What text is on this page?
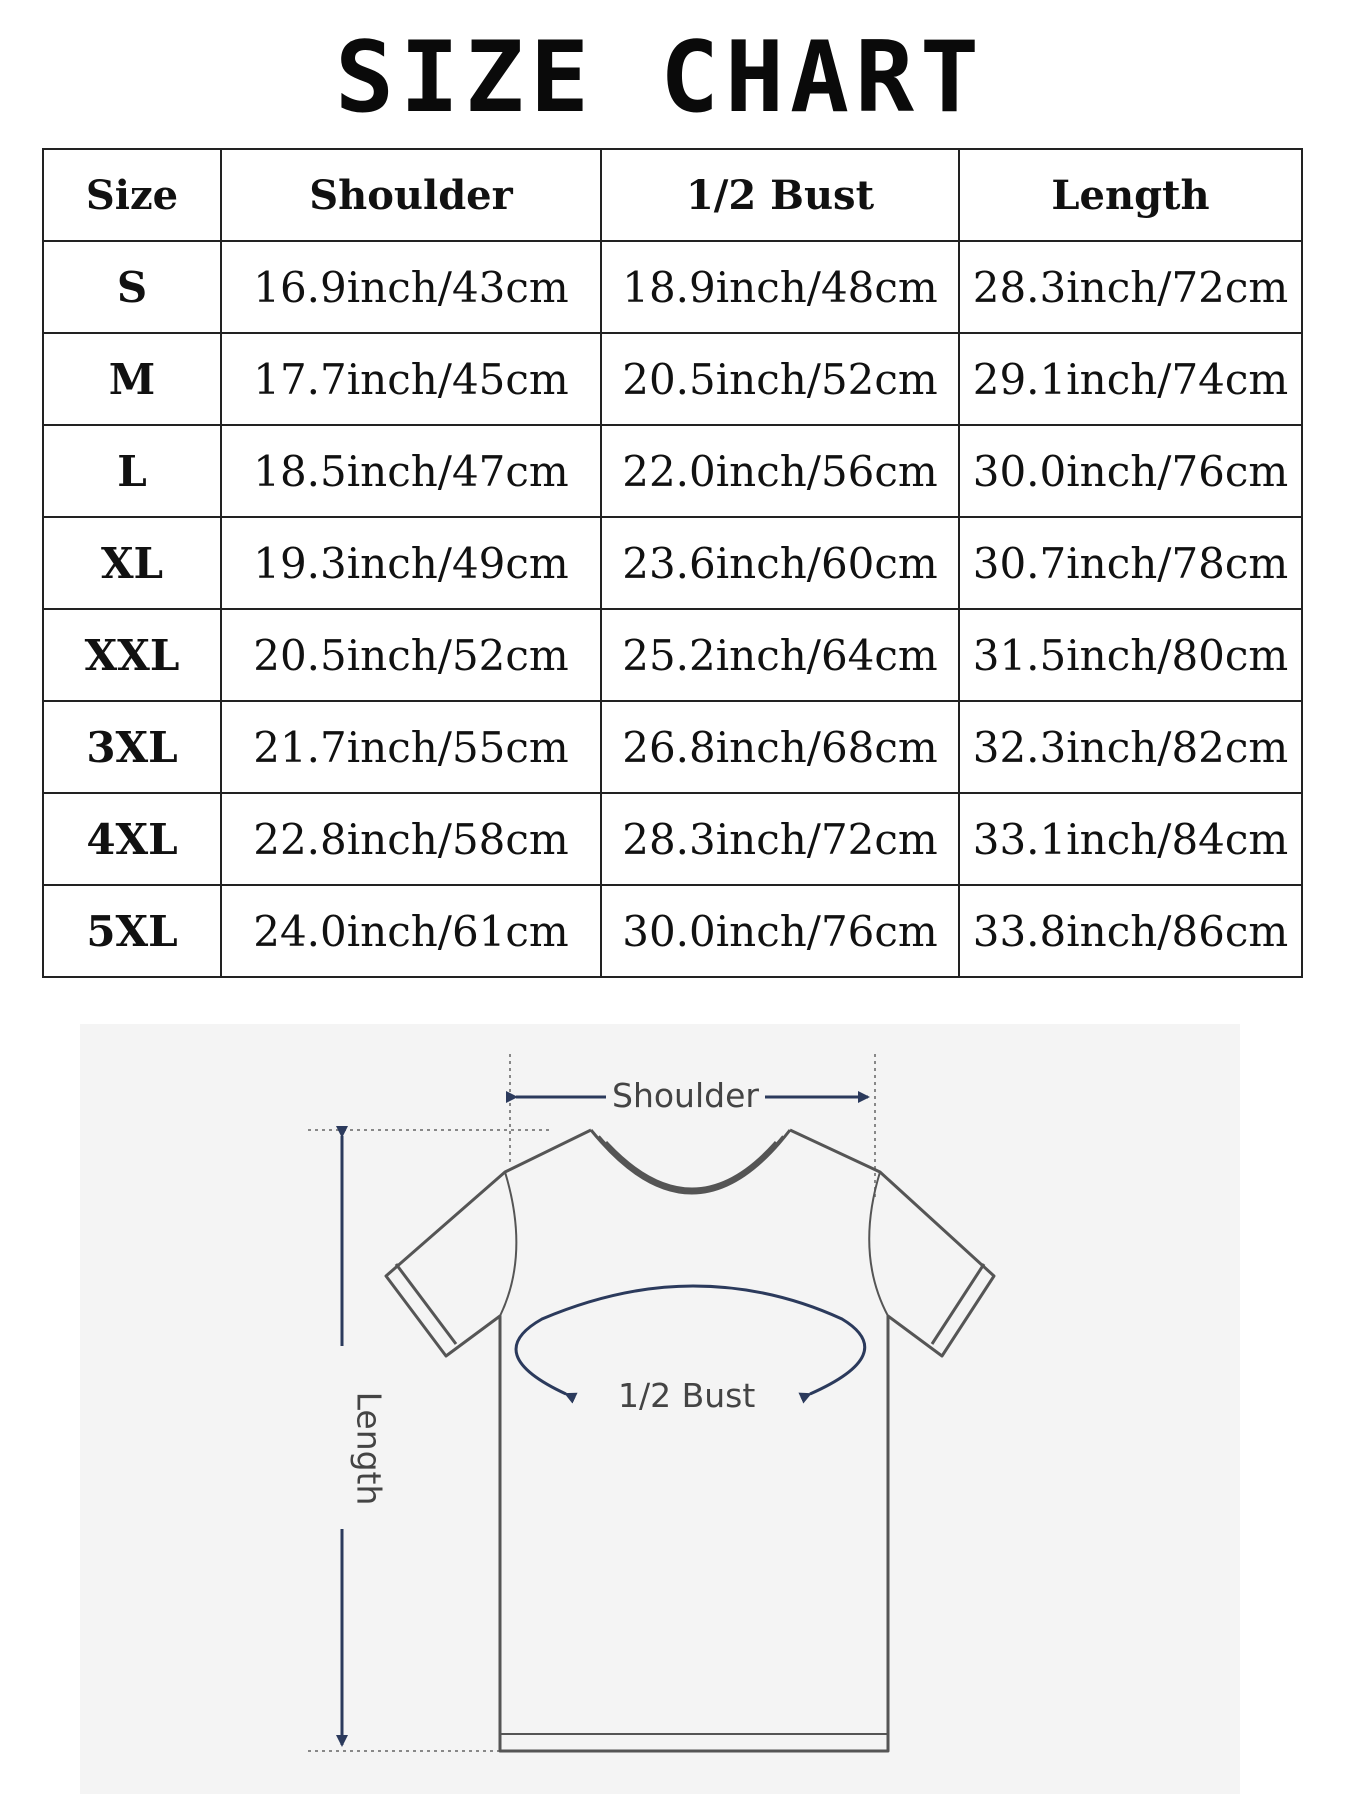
SIZE CHART
Size	Shoulder	1/2 Bust	Length
S	16.9inch/43cm	18.9inch/48cm	28.3inch/72cm
M	17.7inch/45cm	20.5inch/52cm	29.1inch/74cm
L	18.5inch/47cm	22.0inch/56cm	30.0inch/76cm
XL	19.3inch/49cm	23.6inch/60cm	30.7inch/78cm
XXL	20.5inch/52cm	25.2inch/64cm	31.5inch/80cm
3XL	21.7inch/55cm	26.8inch/68cm	32.3inch/82cm
4XL	22.8inch/58cm	28.3inch/72cm	33.1inch/84cm
5XL	24.0inch/61cm	30.0inch/76cm	33.8inch/86cm
Shoulder
1/2 Bust
Length
